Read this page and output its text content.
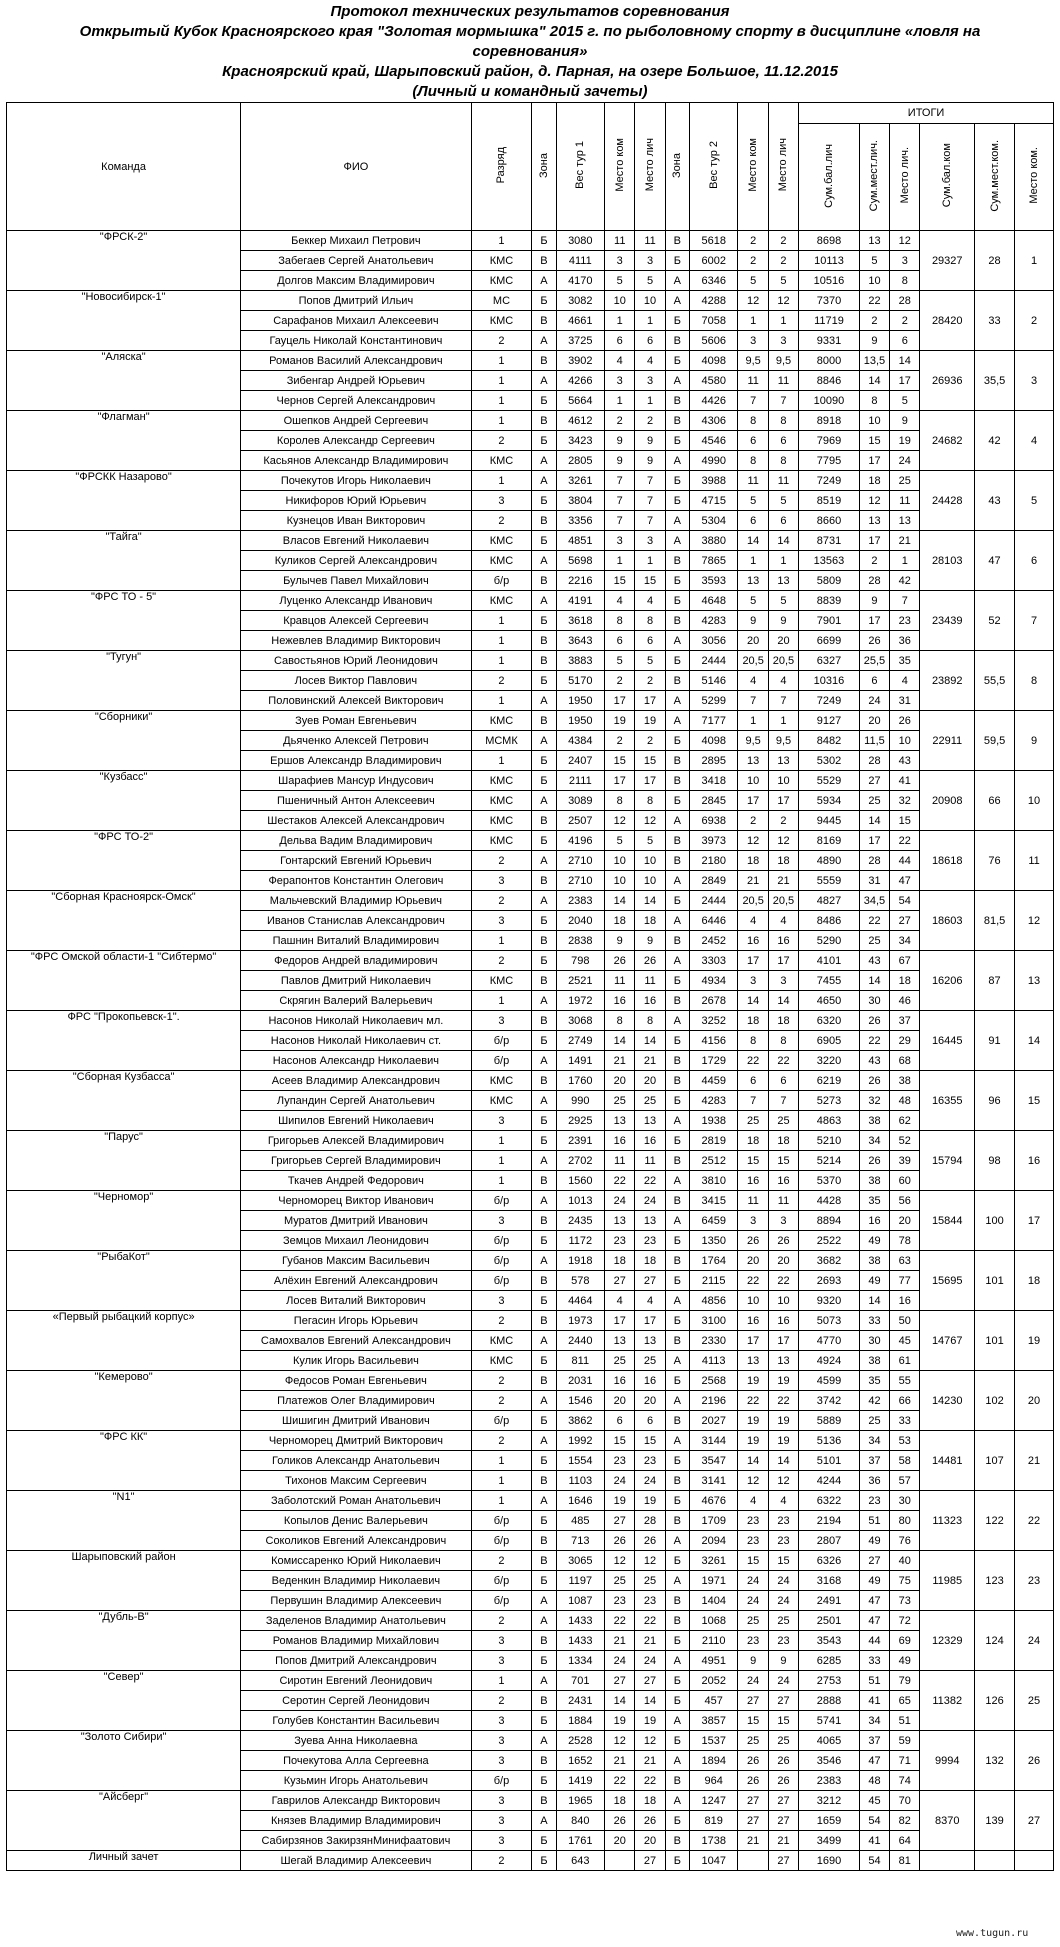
Протокол технических результатов соревнования
Открытый Кубок Красноярского края "Золотая мормышка" 2015 г. по рыболовному спорту в дисциплине «ловля на
соревнования»
Красноярский край, Шарыповский район, д. Парная, на озере Большое, 11.12.2015
(Личный и командный зачеты)
Команда	ФИО	Разряд	Зона	Вес тур 1	Место ком	Место лич	Зона	Вес тур 2	Место ком	Место лич	ИТОГИ					
											Сум.бал.лич	Сум.мест.лич.	Место лич.	Сум.бал.ком	Сум.мест.ком.	Место ком.
"ФРСК-2"	Беккер Михаил Петрович	1	Б	3080	11	11	В	5618	2	2	8698	13	12	29327	28	1
	Забегаев Сергей Анатольевич	КМС	В	4111	3	3	Б	6002	2	2	10113	5	3			
	Долгов Максим Владимирович	КМС	А	4170	5	5	А	6346	5	5	10516	10	8			
"Новосибирск-1"	Попов Дмитрий Ильич	МС	Б	3082	10	10	А	4288	12	12	7370	22	28	28420	33	2
	Сарафанов Михаил Алексеевич	КМС	В	4661	1	1	Б	7058	1	1	11719	2	2			
	Гауцель Николай Константинович	2	А	3725	6	6	В	5606	3	3	9331	9	6			
"Аляска"	Романов Василий Александрович	1	В	3902	4	4	Б	4098	9,5	9,5	8000	13,5	14	26936	35,5	3
	Зибенгар Андрей Юрьевич	1	А	4266	3	3	А	4580	11	11	8846	14	17			
	Чернов Сергей Александрович	1	Б	5664	1	1	В	4426	7	7	10090	8	5			
"Флагман"	Ошепков Андрей Сергеевич	1	В	4612	2	2	В	4306	8	8	8918	10	9	24682	42	4
	Королев Александр Сергеевич	2	Б	3423	9	9	Б	4546	6	6	7969	15	19			
	Касьянов Александр Владимирович	КМС	А	2805	9	9	А	4990	8	8	7795	17	24			
"ФРСКК Назарово"	Почекутов Игорь Николаевич	1	А	3261	7	7	Б	3988	11	11	7249	18	25	24428	43	5
	Никифоров Юрий Юрьевич	3	Б	3804	7	7	Б	4715	5	5	8519	12	11			
	Кузнецов Иван Викторович	2	В	3356	7	7	А	5304	6	6	8660	13	13			
"Тайга"	Власов Евгений Николаевич	КМС	Б	4851	3	3	А	3880	14	14	8731	17	21	28103	47	6
	Куликов Сергей Александрович	КМС	А	5698	1	1	В	7865	1	1	13563	2	1			
	Булычев Павел Михайлович	б/р	В	2216	15	15	Б	3593	13	13	5809	28	42			
"ФРС ТО - 5"	Луценко Александр Иванович	КМС	А	4191	4	4	Б	4648	5	5	8839	9	7	23439	52	7
	Кравцов Алексей Сергеевич	1	Б	3618	8	8	В	4283	9	9	7901	17	23			
	Нежевлев Владимир Викторович	1	В	3643	6	6	А	3056	20	20	6699	26	36			
"Тугун"	Савостьянов Юрий Леонидович	1	В	3883	5	5	Б	2444	20,5	20,5	6327	25,5	35	23892	55,5	8
	Лосев Виктор Павлович	2	Б	5170	2	2	В	5146	4	4	10316	6	4			
	Половинский Алексей Викторович	1	А	1950	17	17	А	5299	7	7	7249	24	31			
"Сборники"	Зуев Роман Евгеньевич	КМС	В	1950	19	19	А	7177	1	1	9127	20	26	22911	59,5	9
	Дьяченко Алексей Петрович	МСМК	А	4384	2	2	Б	4098	9,5	9,5	8482	11,5	10			
	Ершов Александр Владимирович	1	Б	2407	15	15	В	2895	13	13	5302	28	43			
"Кузбасс"	Шарафиев Мансур Индусович	КМС	Б	2111	17	17	В	3418	10	10	5529	27	41	20908	66	10
	Пшеничный Антон Алексеевич	КМС	А	3089	8	8	Б	2845	17	17	5934	25	32			
	Шестаков Алексей Александрович	КМС	В	2507	12	12	А	6938	2	2	9445	14	15			
"ФРС ТО-2"	Дельва Вадим Владимирович	КМС	Б	4196	5	5	В	3973	12	12	8169	17	22	18618	76	11
	Гонтарский Евгений Юрьевич	2	А	2710	10	10	В	2180	18	18	4890	28	44			
	Ферапонтов Константин Олегович	3	В	2710	10	10	А	2849	21	21	5559	31	47			
"Сборная Красноярск-Омск"	Мальчевский Владимир Юрьевич	2	А	2383	14	14	Б	2444	20,5	20,5	4827	34,5	54	18603	81,5	12
	Иванов Станислав Александрович	3	Б	2040	18	18	А	6446	4	4	8486	22	27			
	Пашнин Виталий Владимирович	1	В	2838	9	9	В	2452	16	16	5290	25	34			
"ФРС Омской области-1 "Сибтермо"	Федоров Андрей владимирович	2	Б	798	26	26	А	3303	17	17	4101	43	67	16206	87	13
	Павлов Дмитрий Николаевич	КМС	В	2521	11	11	Б	4934	3	3	7455	14	18			
	Скрягин Валерий Валерьевич	1	А	1972	16	16	В	2678	14	14	4650	30	46			
ФРС "Прокопьевск-1".	Насонов Николай Николаевич мл.	3	В	3068	8	8	А	3252	18	18	6320	26	37	16445	91	14
	Насонов Николай Николаевич ст.	б/р	Б	2749	14	14	Б	4156	8	8	6905	22	29			
	Насонов Александр Николаевич	б/р	А	1491	21	21	В	1729	22	22	3220	43	68			
"Сборная Кузбасса"	Асеев Владимир Александрович	КМС	В	1760	20	20	В	4459	6	6	6219	26	38	16355	96	15
	Лупандин Сергей Анатольевич	КМС	А	990	25	25	Б	4283	7	7	5273	32	48			
	Шипилов Евгений Николаевич	3	Б	2925	13	13	А	1938	25	25	4863	38	62			
"Парус"	Григорьев Алексей Владимирович	1	Б	2391	16	16	Б	2819	18	18	5210	34	52	15794	98	16
	Григорьев Сергей Владимирович	1	А	2702	11	11	В	2512	15	15	5214	26	39			
	Ткачев Андрей Федорович	1	В	1560	22	22	А	3810	16	16	5370	38	60			
"Черномор"	Черноморец Виктор Иванович	б/р	А	1013	24	24	В	3415	11	11	4428	35	56	15844	100	17
	Муратов Дмитрий Иванович	3	В	2435	13	13	А	6459	3	3	8894	16	20			
	Земцов Михаил Леонидович	б/р	Б	1172	23	23	Б	1350	26	26	2522	49	78			
"РыбаКот"	Губанов Максим Васильевич	б/р	А	1918	18	18	В	1764	20	20	3682	38	63	15695	101	18
	Алёхин Евгений Александрович	б/р	В	578	27	27	Б	2115	22	22	2693	49	77			
	Лосев Виталий Викторович	3	Б	4464	4	4	А	4856	10	10	9320	14	16			
«Первый рыбацкий корпус»	Пегасин Игорь Юрьевич	2	В	1973	17	17	Б	3100	16	16	5073	33	50	14767	101	19
	Самохвалов Евгений Александрович	КМС	А	2440	13	13	В	2330	17	17	4770	30	45			
	Кулик Игорь Васильевич	КМС	Б	811	25	25	А	4113	13	13	4924	38	61			
"Кемерово"	Федосов Роман Евгеньевич	2	В	2031	16	16	Б	2568	19	19	4599	35	55	14230	102	20
	Платежов Олег Владимирович	2	А	1546	20	20	А	2196	22	22	3742	42	66			
	Шишигин Дмитрий Иванович	б/р	Б	3862	6	6	В	2027	19	19	5889	25	33			
"ФРС КК"	Черноморец Дмитрий Викторович	2	А	1992	15	15	А	3144	19	19	5136	34	53	14481	107	21
	Голиков Александр Анатольевич	1	Б	1554	23	23	Б	3547	14	14	5101	37	58			
	Тихонов Максим Сергеевич	1	В	1103	24	24	В	3141	12	12	4244	36	57			
"N1"	Заболотский Роман Анатольевич	1	А	1646	19	19	Б	4676	4	4	6322	23	30	11323	122	22
	Копылов Денис Валерьевич	б/р	Б	485	27	28	В	1709	23	23	2194	51	80			
	Соколиков Евгений Александрович	б/р	В	713	26	26	А	2094	23	23	2807	49	76			
Шарыповский район	Комиссаренко Юрий Николаевич	2	В	3065	12	12	Б	3261	15	15	6326	27	40	11985	123	23
	Веденкин Владимир Николаевич	б/р	Б	1197	25	25	А	1971	24	24	3168	49	75			
	Первушин Владимир Алексеевич	б/р	А	1087	23	23	В	1404	24	24	2491	47	73			
"Дубль-В"	Заделенов Владимир Анатольевич	2	А	1433	22	22	В	1068	25	25	2501	47	72	12329	124	24
	Романов Владимир Михайлович	3	В	1433	21	21	Б	2110	23	23	3543	44	69			
	Попов Дмитрий Александрович	3	Б	1334	24	24	А	4951	9	9	6285	33	49			
"Север"	Сиротин Евгений Леонидович	1	А	701	27	27	Б	2052	24	24	2753	51	79	11382	126	25
	Серотин Сергей Леонидович	2	В	2431	14	14	Б	457	27	27	2888	41	65			
	Голубев Константин Васильевич	3	Б	1884	19	19	А	3857	15	15	5741	34	51			
"Золото Сибири"	Зуева Анна Николаевна	3	А	2528	12	12	Б	1537	25	25	4065	37	59	9994	132	26
	Почекутова Алла Сергеевна	3	В	1652	21	21	А	1894	26	26	3546	47	71			
	Кузьмин Игорь Анатольевич	б/р	Б	1419	22	22	В	964	26	26	2383	48	74			
"Айсберг"	Гаврилов Александр Викторович	3	В	1965	18	18	А	1247	27	27	3212	45	70	8370	139	27
	Князев Владимир Владимирович	3	А	840	26	26	Б	819	27	27	1659	54	82			
	Сабирзянов ЗакирзянМинифаатович	3	Б	1761	20	20	В	1738	21	21	3499	41	64			
Личный зачет	Шегай Владимир Алексеевич	2	Б	643		27	Б	1047		27	1690	54	81			
www.tugun.ru
